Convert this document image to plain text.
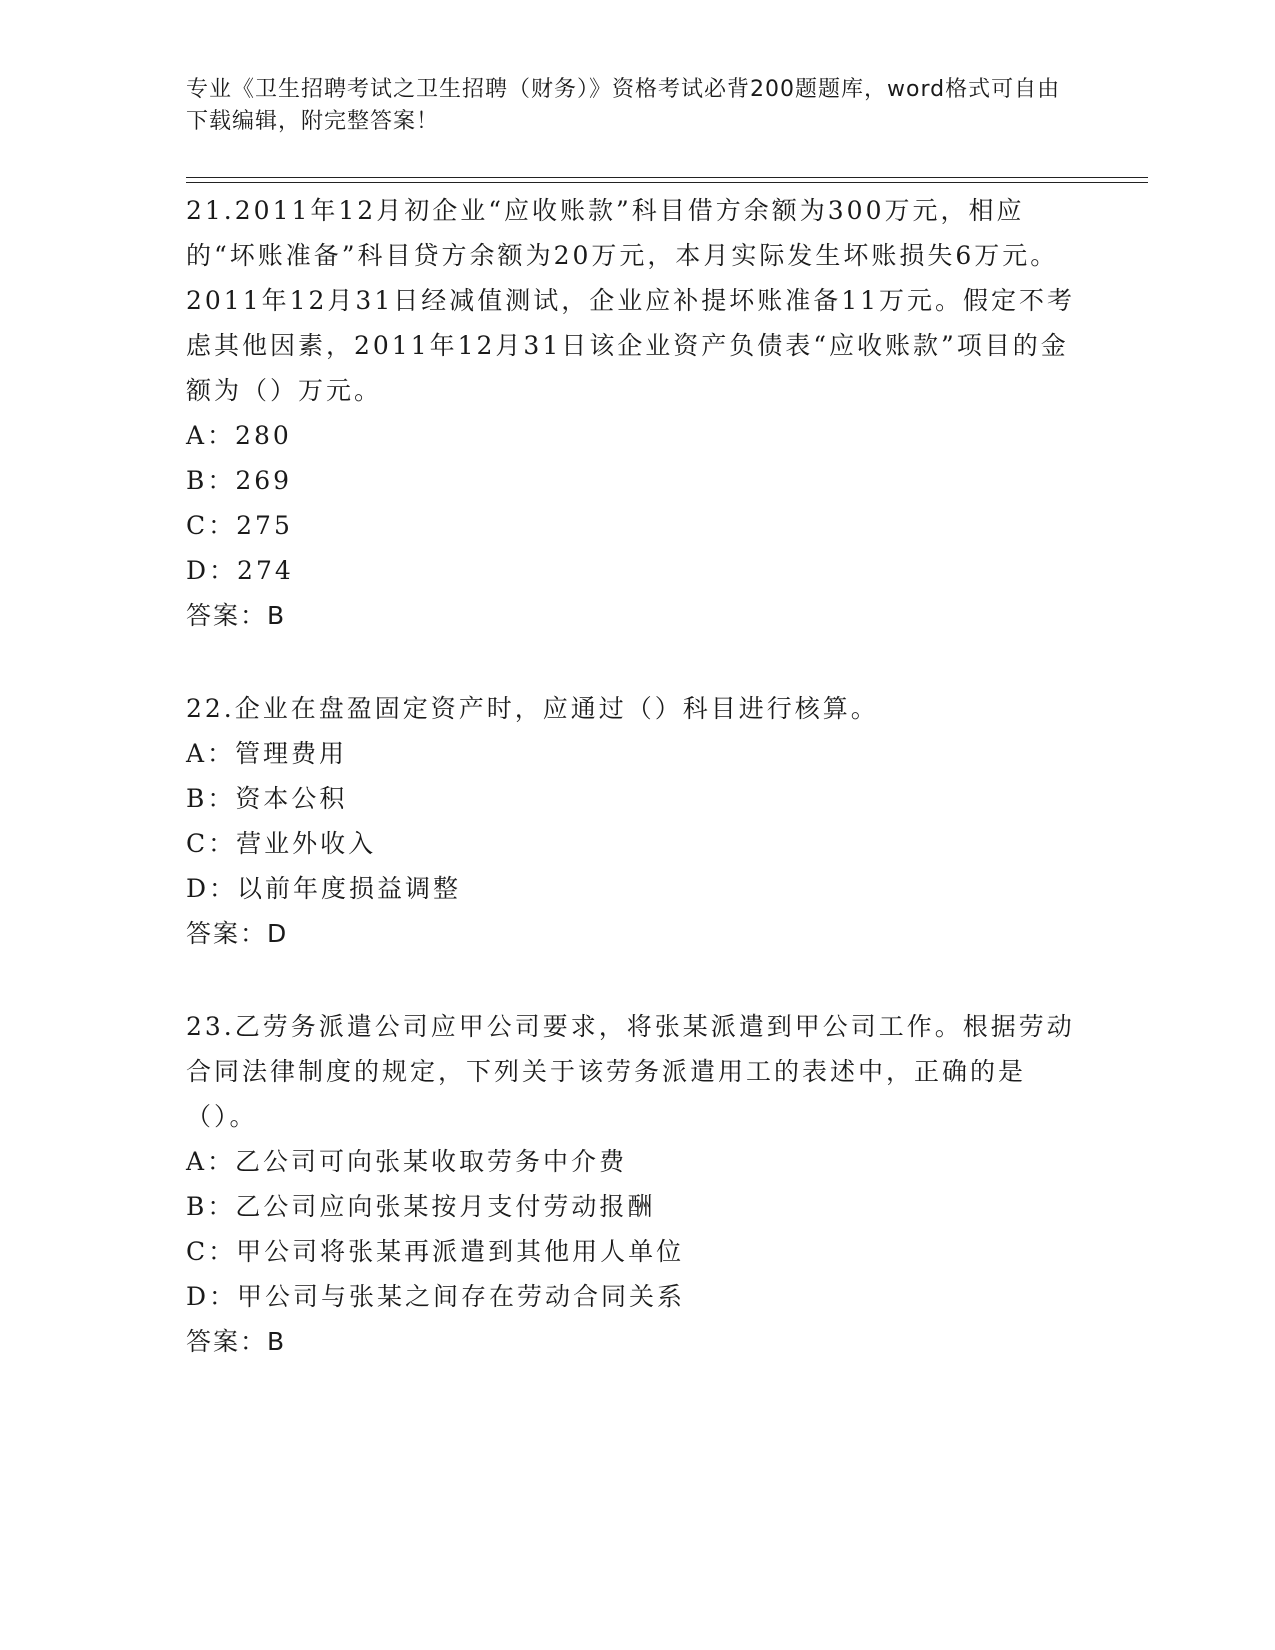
专业《卫生招聘考试之卫生招聘（财务）》资格考试必背200题题库，word格式可自由下载编辑，附完整答案！

21.2011年12月初企业“应收账款”科目借方余额为300万元，相应的“坏账准备”科目贷方余额为20万元，本月实际发生坏账损失6万元。2011年12月31日经减值测试，企业应补提坏账准备11万元。假定不考虑其他因素，2011年12月31日该企业资产负债表“应收账款”项目的金额为（）万元。

A：280

B：269

C：275

D：274

答案：B

22.企业在盘盈固定资产时，应通过（）科目进行核算。

A：管理费用

B：资本公积

C：营业外收入

D：以前年度损益调整

答案：D

23.乙劳务派遣公司应甲公司要求，将张某派遣到甲公司工作。根据劳动合同法律制度的规定，下列关于该劳务派遣用工的表述中，正确的是（）。

A：乙公司可向张某收取劳务中介费

B：乙公司应向张某按月支付劳动报酬

C：甲公司将张某再派遣到其他用人单位

D：甲公司与张某之间存在劳动合同关系

答案：B
